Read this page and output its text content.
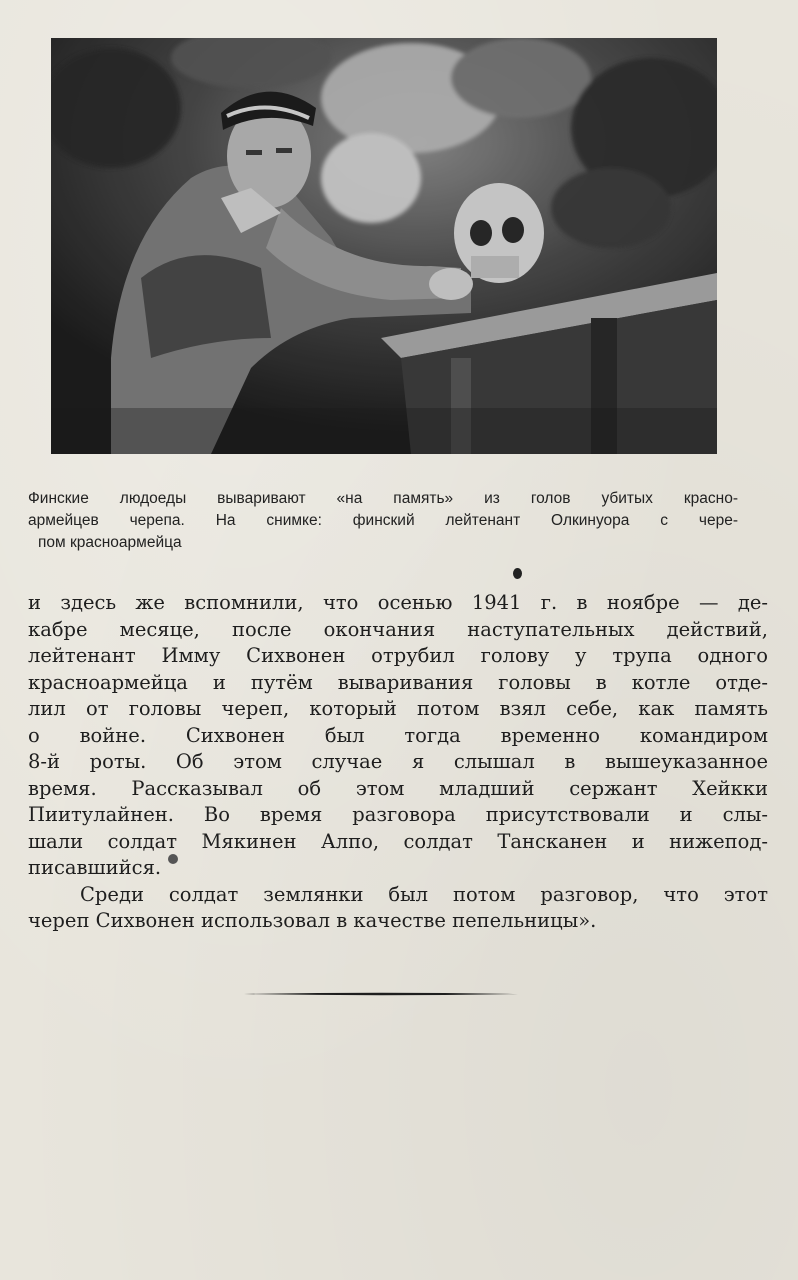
Финские людоеды вываривают «на память» из голов убитых красно-
армейцев черепа. На снимке: финский лейтенант Олкинуора с чере-
пом красноармейца
и здесь же вспомнили, что осенью 1941 г. в ноябре — де-
кабре месяце, после окончания наступательных действий,
лейтенант Имму Сихвонен отрубил голову у трупа одного
красноармейца и путём вываривания головы в котле отде-
лил от головы череп, который потом взял себе, как память
о войне. Сихвонен был тогда временно командиром
8-й роты. Об этом случае я слышал в вышеуказанное
время. Рассказывал об этом младший сержант Хейкки
Пиитулайнен. Во время разговора присутствовали и слы-
шали солдат Мякинен Алпо, солдат Тансканен и нижепод-
писавшийся.
Среди солдат землянки был потом разговор, что этот
череп Сихвонен использовал в качестве пепельницы».
